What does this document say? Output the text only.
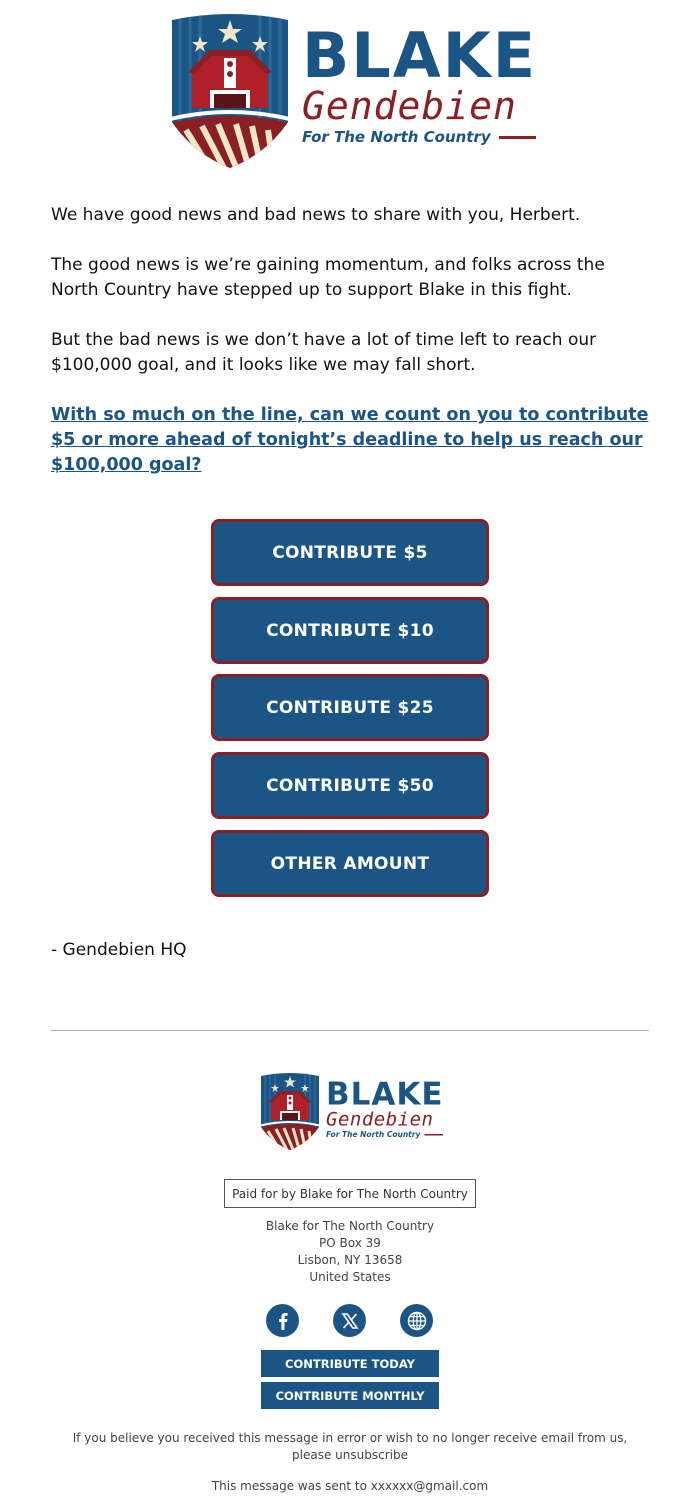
BLAKE
Gendebien
For The North Country

We have good news and bad news to share with you, Herbert.

The good news is we’re gaining momentum, and folks across the North Country have stepped up to support Blake in this fight.

But the bad news is we don’t have a lot of time left to reach our $100,000 goal, and it looks like we may fall short.

With so much on the line, can we count on you to contribute $5 or more ahead of tonight’s deadline to help us reach our $100,000 goal?
CONTRIBUTE $5
CONTRIBUTE $10
CONTRIBUTE $25
CONTRIBUTE $50
OTHER AMOUNT

- Gendebien HQ

BLAKE
Gendebien
For The North Country
Paid for by Blake for The North Country
Blake for The North Country
PO Box 39
Lisbon, NY 13658
United States
CONTRIBUTE TODAY
CONTRIBUTE MONTHLY

If you believe you received this message in error or wish to no longer receive email from us, please unsubscribe

This message was sent to xxxxxx@gmail.com
